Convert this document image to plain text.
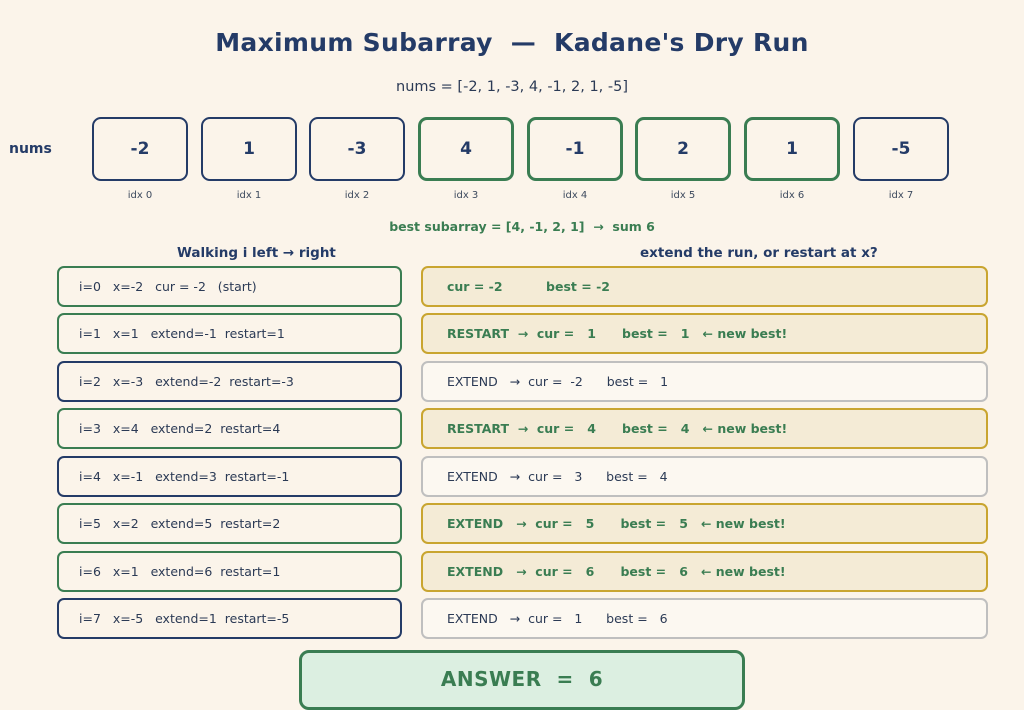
Maximum Subarray  —  Kadane's Dry Run
nums = [-2, 1, -3, 4, -1, 2, 1, -5]
nums	-2	1	-3	4	-1	2	1	-5
idx 0	idx 1	idx 2	idx 3	idx 4	idx 5	idx 6	idx 7
best subarray = [4, -1, 2, 1]  →  sum 6
Walking i left → right	extend the run, or restart at x?
i=0   x=-2   cur = -2   (start)	cur = -2          best = -2
i=1   x=1   extend=-1  restart=1	RESTART  →  cur =   1      best =   1   ← new best!
i=2   x=-3   extend=-2  restart=-3	EXTEND   →  cur =  -2      best =   1
i=3   x=4   extend=2  restart=4	RESTART  →  cur =   4      best =   4   ← new best!
i=4   x=-1   extend=3  restart=-1	EXTEND   →  cur =   3      best =   4
i=5   x=2   extend=5  restart=2	EXTEND   →  cur =   5      best =   5   ← new best!
i=6   x=1   extend=6  restart=1	EXTEND   →  cur =   6      best =   6   ← new best!
i=7   x=-5   extend=1  restart=-5	EXTEND   →  cur =   1      best =   6
ANSWER  =  6
